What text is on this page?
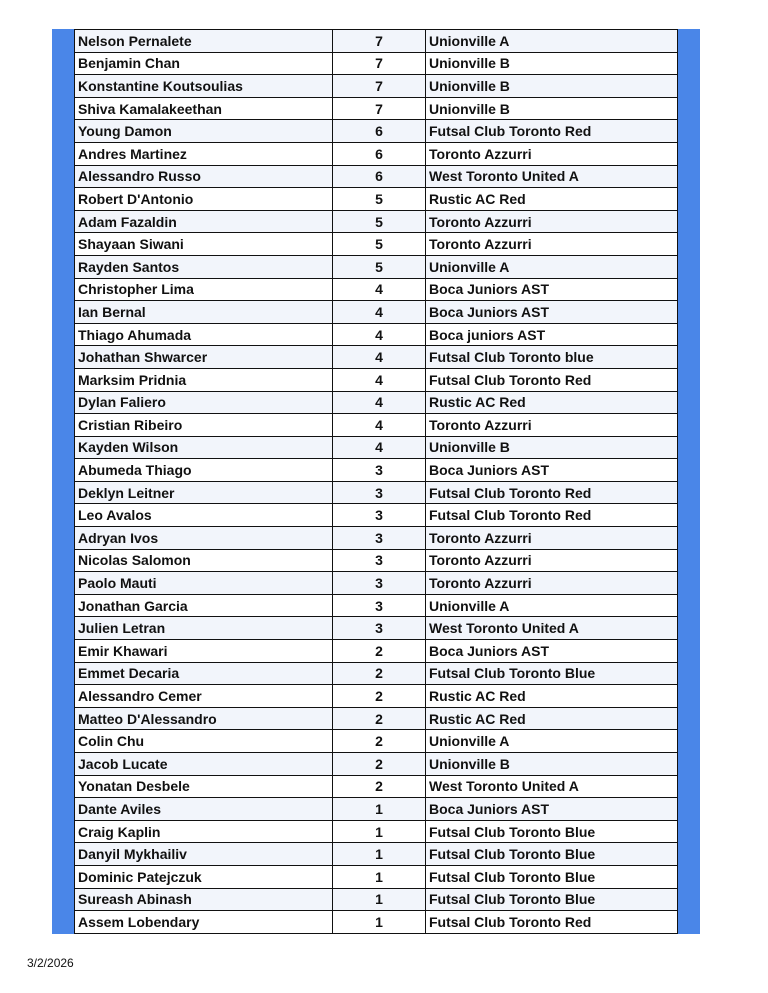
Nelson Pernalete	7	Unionville A
Benjamin Chan	7	Unionville B
Konstantine Koutsoulias	7	Unionville B
Shiva Kamalakeethan	7	Unionville B
Young Damon	6	Futsal Club Toronto Red
Andres Martinez	6	Toronto Azzurri
Alessandro Russo	6	West Toronto United A
Robert D'Antonio	5	Rustic AC Red
Adam Fazaldin	5	Toronto Azzurri
Shayaan Siwani	5	Toronto Azzurri
Rayden Santos	5	Unionville A
Christopher Lima	4	Boca Juniors AST
Ian Bernal	4	Boca Juniors AST
Thiago Ahumada	4	Boca juniors AST
Johathan Shwarcer	4	Futsal Club Toronto blue
Marksim Pridnia	4	Futsal Club Toronto Red
Dylan Faliero	4	Rustic AC Red
Cristian Ribeiro	4	Toronto Azzurri
Kayden Wilson	4	Unionville B
Abumeda Thiago	3	Boca Juniors AST
Deklyn Leitner	3	Futsal Club Toronto Red
Leo Avalos	3	Futsal Club Toronto Red
Adryan Ivos	3	Toronto Azzurri
Nicolas Salomon	3	Toronto Azzurri
Paolo Mauti	3	Toronto Azzurri
Jonathan Garcia	3	Unionville A
Julien Letran	3	West Toronto United A
Emir Khawari	2	Boca Juniors AST
Emmet Decaria	2	Futsal Club Toronto Blue
Alessandro Cemer	2	Rustic AC Red
Matteo D'Alessandro	2	Rustic AC Red
Colin Chu	2	Unionville A
Jacob Lucate	2	Unionville B
Yonatan Desbele	2	West Toronto United A
Dante Aviles	1	Boca Juniors AST
Craig Kaplin	1	Futsal Club Toronto Blue
Danyil Mykhailiv	1	Futsal Club Toronto Blue
Dominic Patejczuk	1	Futsal Club Toronto Blue
Sureash Abinash	1	Futsal Club Toronto Blue
Assem Lobendary	1	Futsal Club Toronto Red
3/2/2026
